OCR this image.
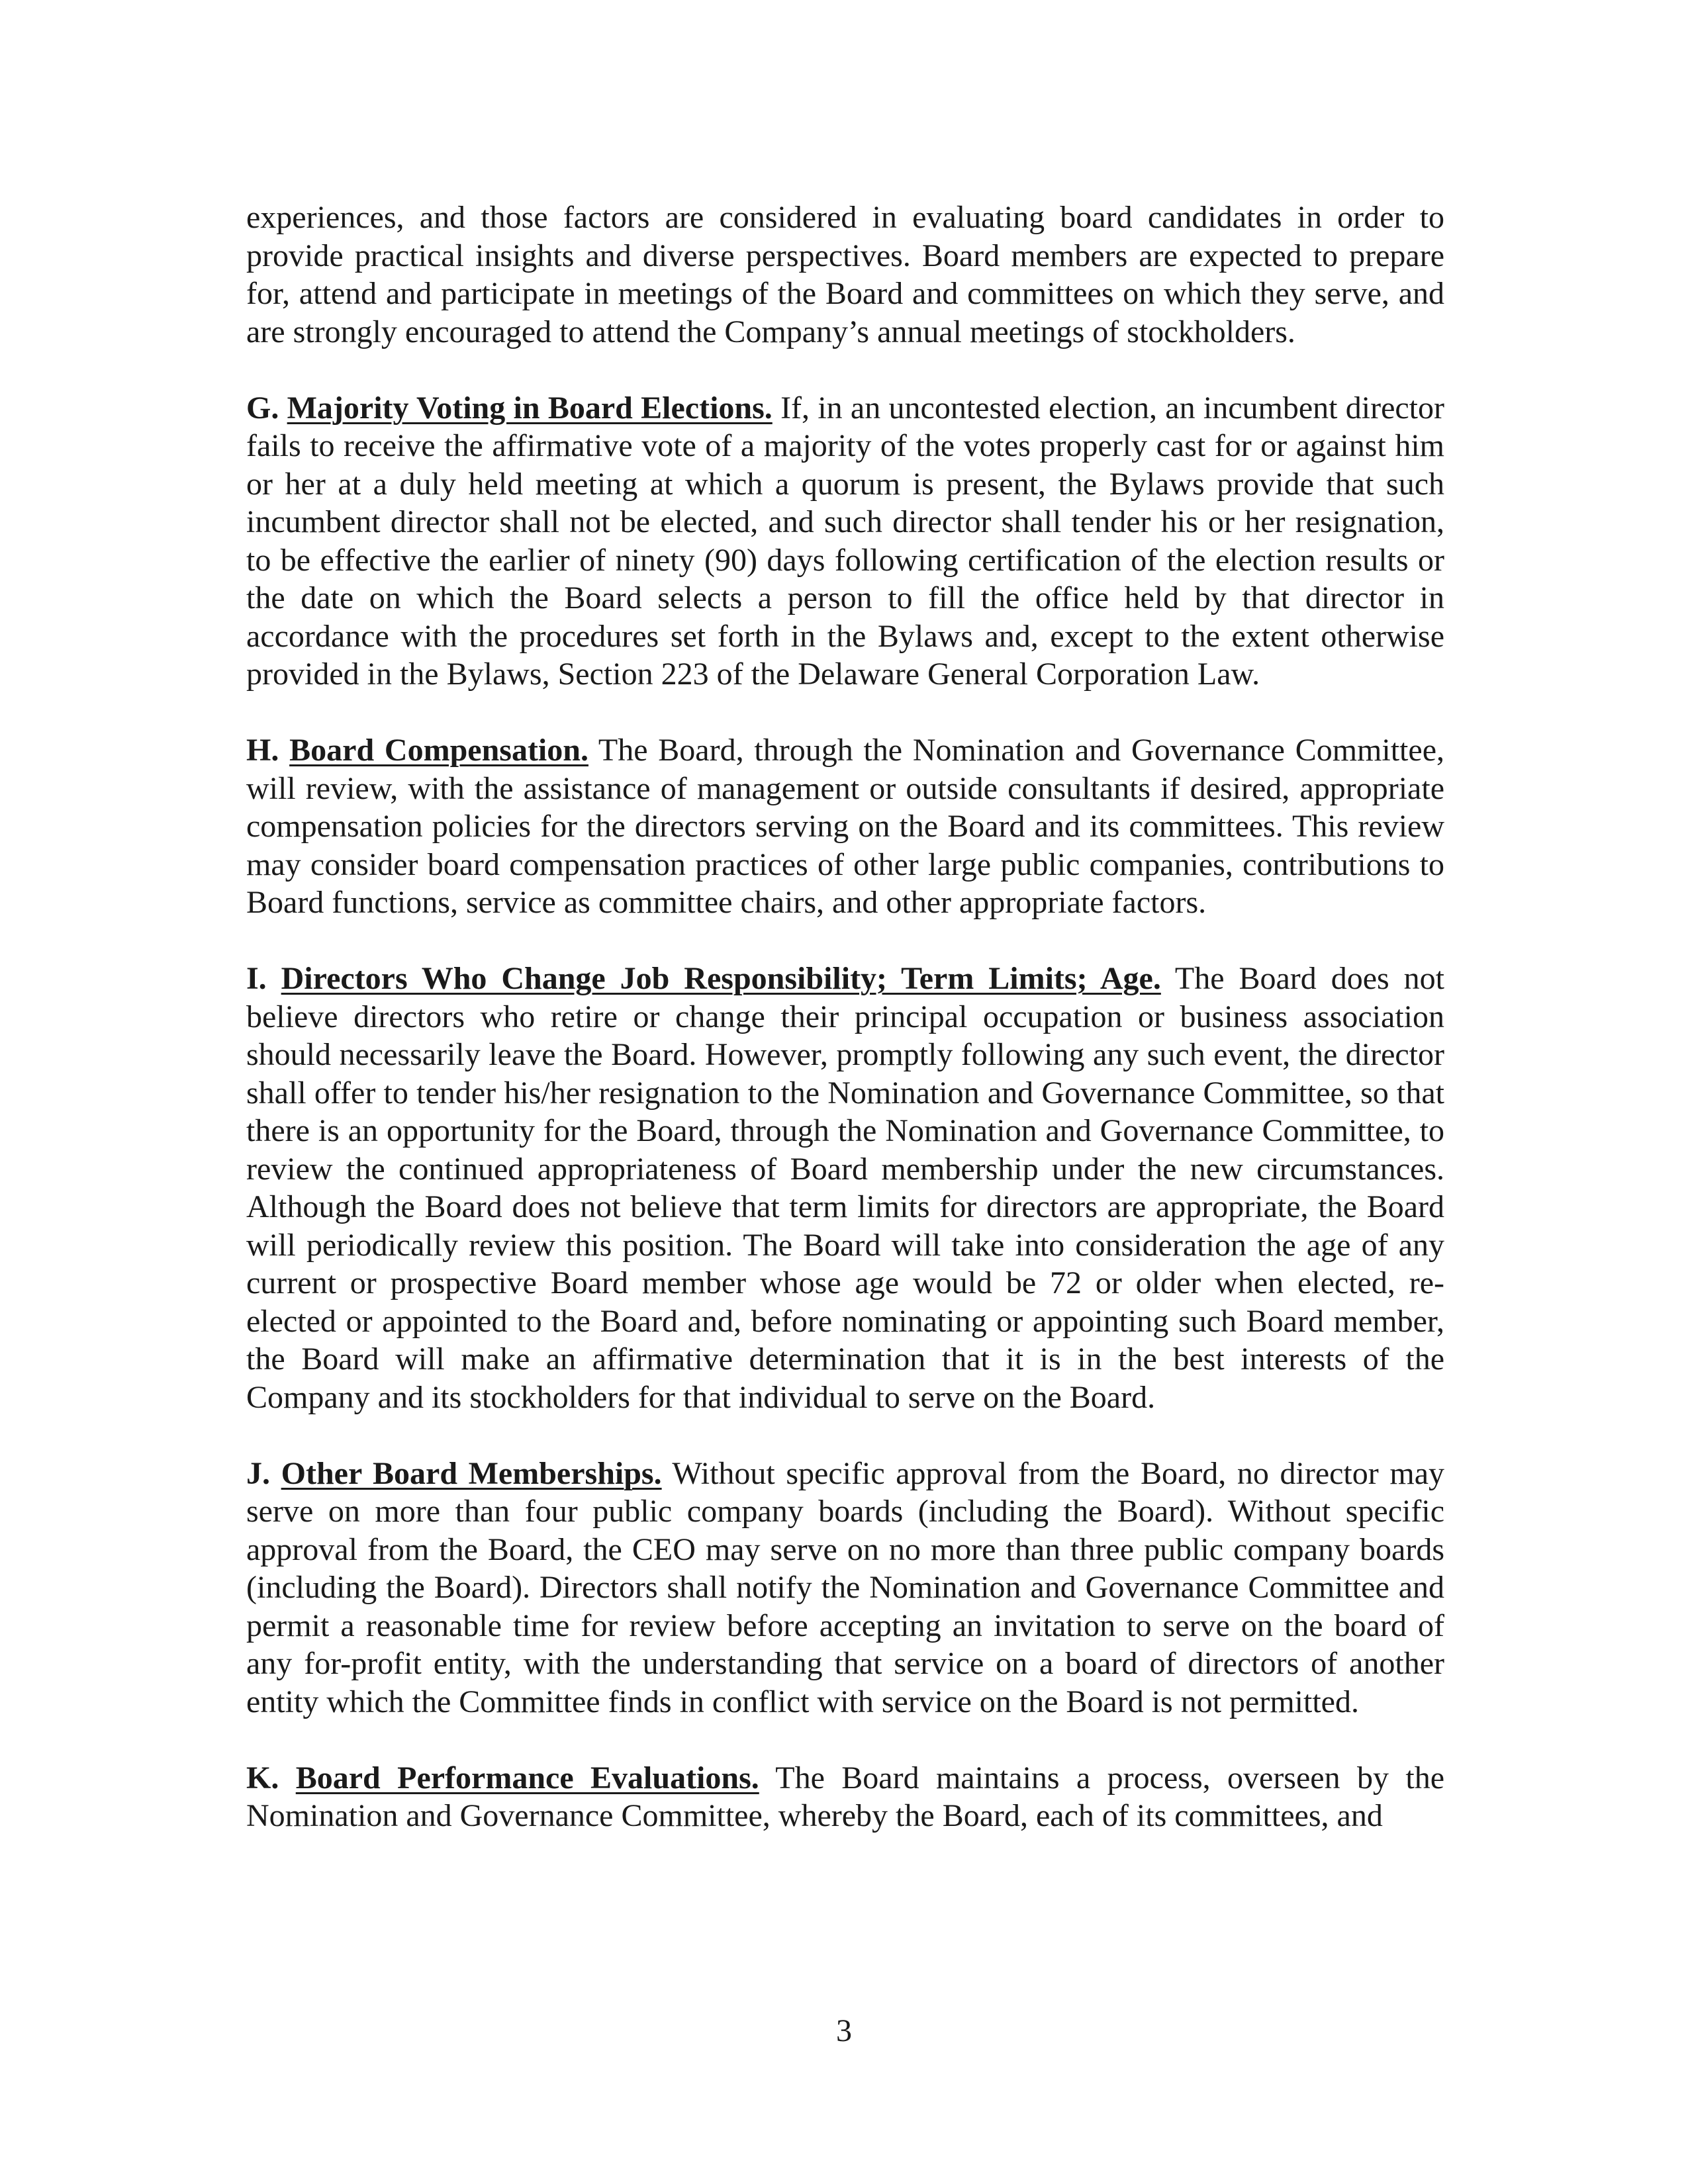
experiences, and those factors are considered in evaluating board candidates in order to provide practical insights and diverse perspectives. Board members are expected to prepare for, attend and participate in meetings of the Board and committees on which they serve, and are strongly encouraged to attend the Company’s annual meetings of stockholders.

G. Majority Voting in Board Elections. If, in an uncontested election, an incumbent director fails to receive the affirmative vote of a majority of the votes properly cast for or against him or her at a duly held meeting at which a quorum is present, the Bylaws provide that such incumbent director shall not be elected, and such director shall tender his or her resignation, to be effective the earlier of ninety (90) days following certification of the election results or the date on which the Board selects a person to fill the office held by that director in accordance with the procedures set forth in the Bylaws and, except to the extent otherwise provided in the Bylaws, Section 223 of the Delaware General Corporation Law.

H. Board Compensation. The Board, through the Nomination and Governance Committee, will review, with the assistance of management or outside consultants if desired, appropriate compensation policies for the directors serving on the Board and its committees. This review may consider board compensation practices of other large public companies, contributions to Board functions, service as committee chairs, and other appropriate factors.

I. Directors Who Change Job Responsibility; Term Limits; Age. The Board does not believe directors who retire or change their principal occupation or business association should necessarily leave the Board. However, promptly following any such event, the director shall offer to tender his/her resignation to the Nomination and Governance Committee, so that there is an opportunity for the Board, through the Nomination and Governance Committee, to review the continued appropriateness of Board membership under the new circumstances. Although the Board does not believe that term limits for directors are appropriate, the Board will periodically review this position. The Board will take into consideration the age of any current or prospective Board member whose age would be 72 or older when elected, re-elected or appointed to the Board and, before nominating or appointing such Board member, the Board will make an affirmative determination that it is in the best interests of the Company and its stockholders for that individual to serve on the Board.

J. Other Board Memberships. Without specific approval from the Board, no director may serve on more than four public company boards (including the Board). Without specific approval from the Board, the CEO may serve on no more than three public company boards (including the Board). Directors shall notify the Nomination and Governance Committee and permit a reasonable time for review before accepting an invitation to serve on the board of any for-profit entity, with the understanding that service on a board of directors of another entity which the Committee finds in conflict with service on the Board is not permitted.

K. Board Performance Evaluations. The Board maintains a process, overseen by the Nomination and Governance Committee, whereby the Board, each of its committees, and

3
